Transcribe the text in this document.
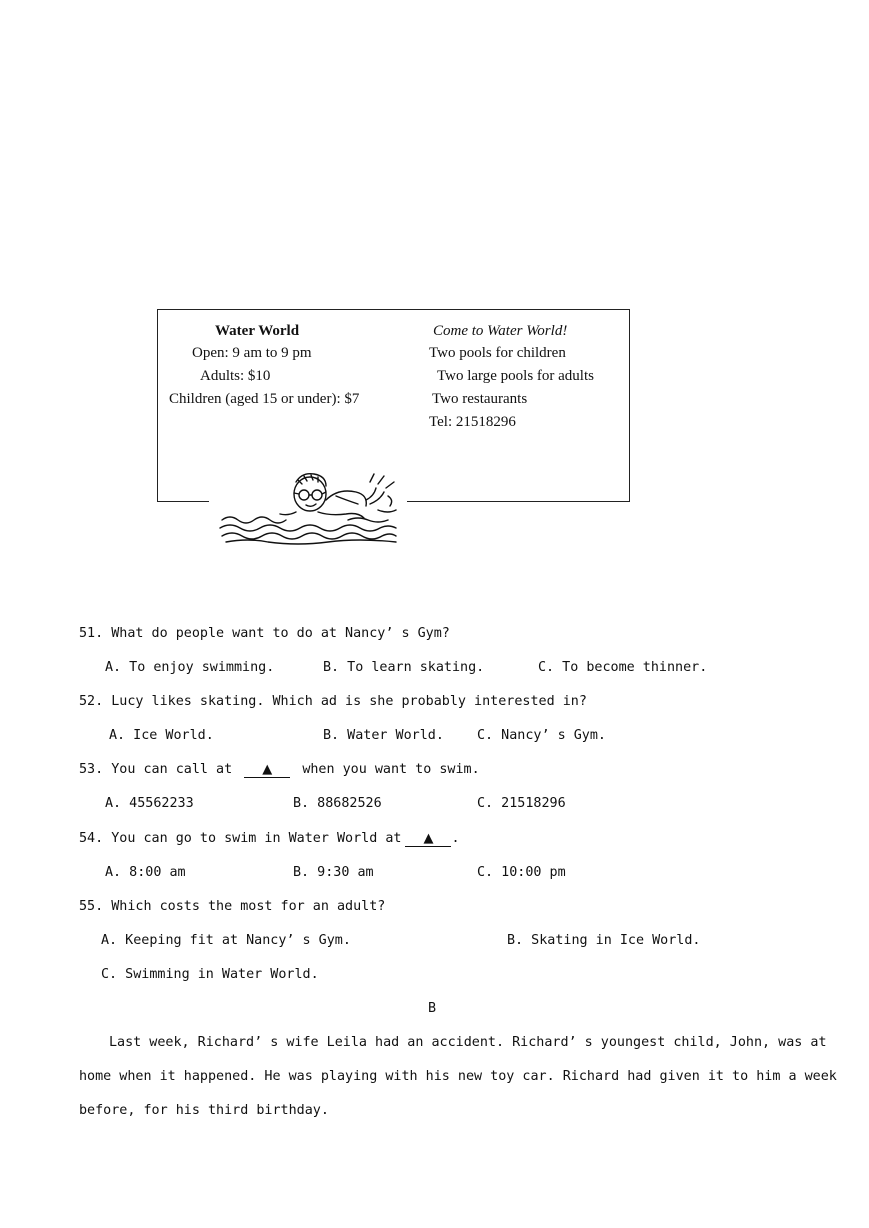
Water World
Open: 9 am to 9 pm
Adults: $10
Children (aged 15 or under): $7
Come to Water World!
Two pools for children
Two large pools for adults
Two restaurants
Tel: 21518296
51. What do people want to do at Nancy’ s Gym?
A. To enjoy swimming.	B. To learn skating.	C. To become thinner.
52. Lucy likes skating. Which ad is she probably interested in?
A. Ice World.	B. Water World. C. Nancy’ s Gym.
53. You can call at ▲ when you want to swim.
A. 45562233	B. 88682526	C. 21518296
54. You can go to swim in Water World at ▲ .
A. 8:00 am	B. 9:30 am	C. 10:00 pm
55. Which costs the most for an adult?
A. Keeping fit at Nancy’ s Gym.	B. Skating in Ice World.
C. Swimming in Water World.
B
Last week, Richard’ s wife Leila had an accident. Richard’ s youngest child, John, was at
home when it happened. He was playing with his new toy car. Richard had given it to him a week
before, for his third birthday.
